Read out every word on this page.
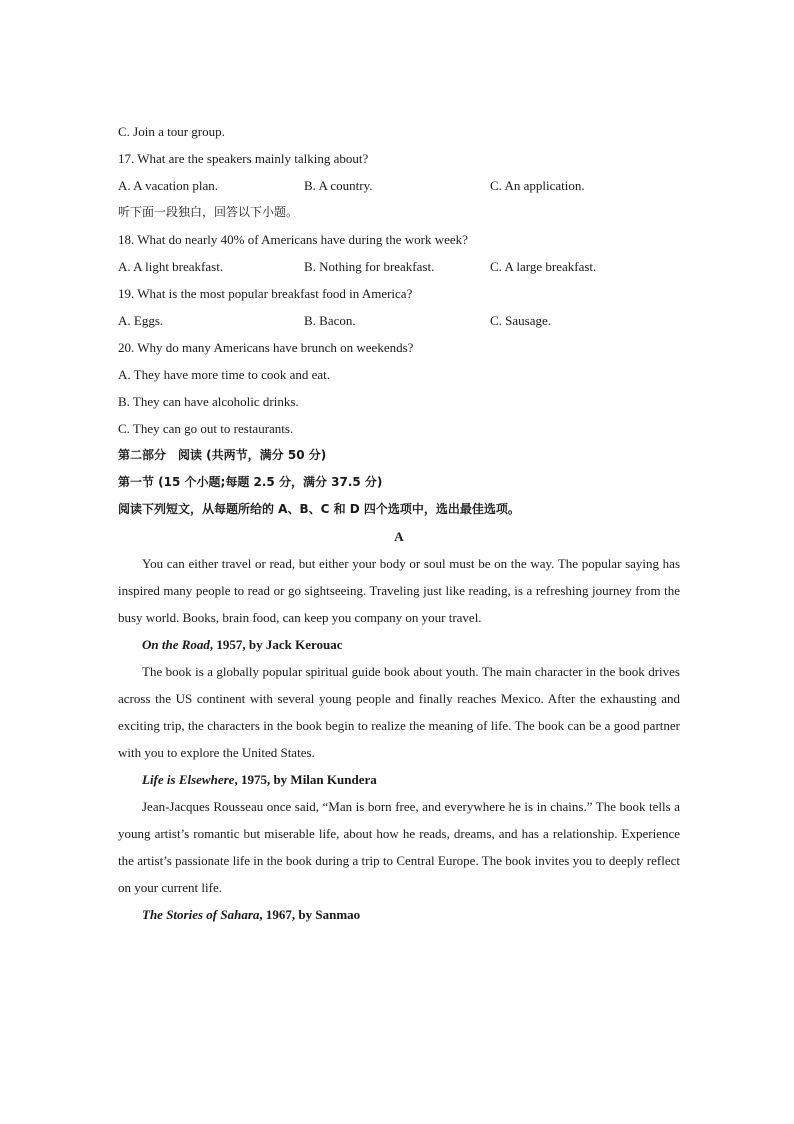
C. Join a tour group.
17. What are the speakers mainly talking about?
A. A vacation plan.	B. A country.	C. An application.
听下面一段独白，回答以下小题。
18. What do nearly 40% of Americans have during the work week?
A. A light breakfast.	B. Nothing for breakfast.	C. A large breakfast.
19. What is the most popular breakfast food in America?
A. Eggs.	B. Bacon.	C. Sausage.
20. Why do many Americans have brunch on weekends?
A. They have more time to cook and eat.
B. They can have alcoholic drinks.
C. They can go out to restaurants.
第二部分　阅读 (共两节，满分 50 分)
第一节 (15 个小题;每题 2.5 分，满分 37.5 分)
阅读下列短文，从每题所给的 A、B、C 和 D 四个选项中，选出最佳选项。
A
You can either travel or read, but either your body or soul must be on the way. The popular saying has inspired many people to read or go sightseeing. Traveling just like reading, is a refreshing journey from the busy world. Books, brain food, can keep you company on your travel.
On the Road, 1957, by Jack Kerouac
The book is a globally popular spiritual guide book about youth. The main character in the book drives across the US continent with several young people and finally reaches Mexico. After the exhausting and exciting trip, the characters in the book begin to realize the meaning of life. The book can be a good partner with you to explore the United States.
Life is Elsewhere, 1975, by Milan Kundera
Jean-Jacques Rousseau once said, “Man is born free, and everywhere he is in chains.” The book tells a young artist’s romantic but miserable life, about how he reads, dreams, and has a relationship. Experience the artist’s passionate life in the book during a trip to Central Europe. The book invites you to deeply reflect on your current life.
The Stories of Sahara, 1967, by Sanmao
